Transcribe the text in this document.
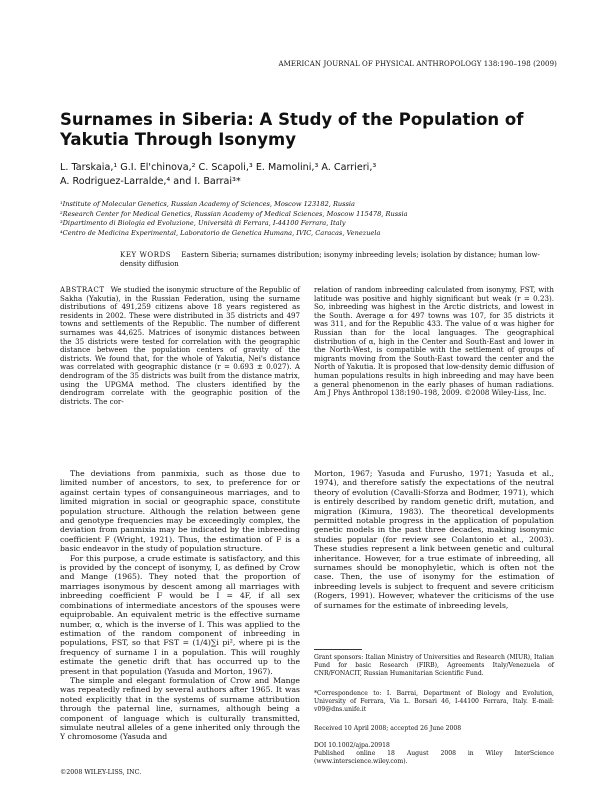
AMERICAN JOURNAL OF PHYSICAL ANTHROPOLOGY 138:190–198 (2009)
Surnames in Siberia: A Study of the Population of Yakutia Through Isonymy
L. Tarskaia,¹ G.I. El'chinova,² C. Scapoli,³ E. Mamolini,³ A. Carrieri,³
A. Rodriguez-Larralde,⁴ and I. Barrai³*
¹Institute of Molecular Genetics, Russian Academy of Sciences, Moscow 123182, Russia
²Research Center for Medical Genetics, Russian Academy of Medical Sciences, Moscow 115478, Russia
³Dipartimento di Biologia ed Evoluzione, Università di Ferrara, I-44100 Ferrara, Italy
⁴Centro de Medicina Experimental, Laboratorio de Genetica Humana, IVIC, Caracas, Venezuela
KEY WORDS Eastern Siberia; surnames distribution; isonymy inbreeding levels; isolation by distance; human low-density diffusion

ABSTRACT We studied the isonymic structure of the Republic of Sakha (Yakutia), in the Russian Federation, using the surname distributions of 491,259 citizens above 18 years registered as residents in 2002. These were distributed in 35 districts and 497 towns and settlements of the Republic. The number of different surnames was 44,625. Matrices of isonymic distances between the 35 districts were tested for correlation with the geographic distance between the population centers of gravity of the districts. We found that, for the whole of Yakutia, Nei's distance was correlated with geographic distance (r = 0.693 ± 0.027). A dendrogram of the 35 districts was built from the distance matrix, using the UPGMA method. The clusters identified by the dendrogram correlate with the geographic position of the districts. The cor-

relation of random inbreeding calculated from isonymy, FST, with latitude was positive and highly significant but weak (r = 0.23). So, inbreeding was highest in the Arctic districts, and lowest in the South. Average α for 497 towns was 107, for 35 districts it was 311, and for the Republic 433. The value of α was higher for Russian than for the local languages. The geographical distribution of α, high in the Center and South-East and lower in the North-West, is compatible with the settlement of groups of migrants moving from the South-East toward the center and the North of Yakutia. It is proposed that low-density demic diffusion of human populations results in high inbreeding and may have been a general phenomenon in the early phases of human radiations. Am J Phys Anthropol 138:190–198, 2009. ©2008 Wiley-Liss, Inc.

The deviations from panmixia, such as those due to limited number of ancestors, to sex, to preference for or against certain types of consanguineous marriages, and to limited migration in social or geographic space, constitute population structure. Although the relation between gene and genotype frequencies may be exceedingly complex, the deviation from panmixia may be indicated by the inbreeding coefficient F (Wright, 1921). Thus, the estimation of F is a basic endeavor in the study of population structure.

For this purpose, a crude estimate is satisfactory, and this is provided by the concept of isonymy, I, as defined by Crow and Mange (1965). They noted that the proportion of marriages isonymous by descent among all marriages with inbreeding coefficient F would be I = 4F, if all sex combinations of intermediate ancestors of the spouses were equiprobable. An equivalent metric is the effective surname number, α, which is the inverse of I. This was applied to the estimation of the random component of inbreeding in populations, FST, so that FST = (1/4)∑i pi², where pi is the frequency of surname I in a population. This will roughly estimate the genetic drift that has occurred up to the present in that population (Yasuda and Morton, 1967).

The simple and elegant formulation of Crow and Mange was repeatedly refined by several authors after 1965. It was noted explicitly that in the systems of surname attribution through the paternal line, surnames, although being a component of language which is culturally transmitted, simulate neutral alleles of a gene inherited only through the Y chromosome (Yasuda and

Morton, 1967; Yasuda and Furusho, 1971; Yasuda et al., 1974), and therefore satisfy the expectations of the neutral theory of evolution (Cavalli-Sforza and Bodmer, 1971), which is entirely described by random genetic drift, mutation, and migration (Kimura, 1983). The theoretical developments permitted notable progress in the application of population genetic models in the past three decades, making isonymic studies popular (for review see Colantonio et al., 2003). These studies represent a link between genetic and cultural inheritance. However, for a true estimate of inbreeding, all surnames should be monophyletic, which is often not the case. Then, the use of isonymy for the estimation of inbreeding levels is subject to frequent and severe criticism (Rogers, 1991). However, whatever the criticisms of the use of surnames for the estimate of inbreeding levels,

Grant sponsors: Italian Ministry of Universities and Research (MIUR), Italian Fund for basic Research (FIRB), Agreements Italy/Venezuela of CNR/FONACIT, Russian Humanitarian Scientific Fund.

*Correspondence to: I. Barrai, Department of Biology and Evolution, University of Ferrara, Via L. Borsari 46, I-44100 Ferrara, Italy. E-mail: v09@dns.unife.it

Received 10 April 2008; accepted 26 June 2008

DOI 10.1002/ajpa.20918

Published online 18 August 2008 in Wiley InterScience (www.interscience.wiley.com).

©2008 WILEY-LISS, INC.
